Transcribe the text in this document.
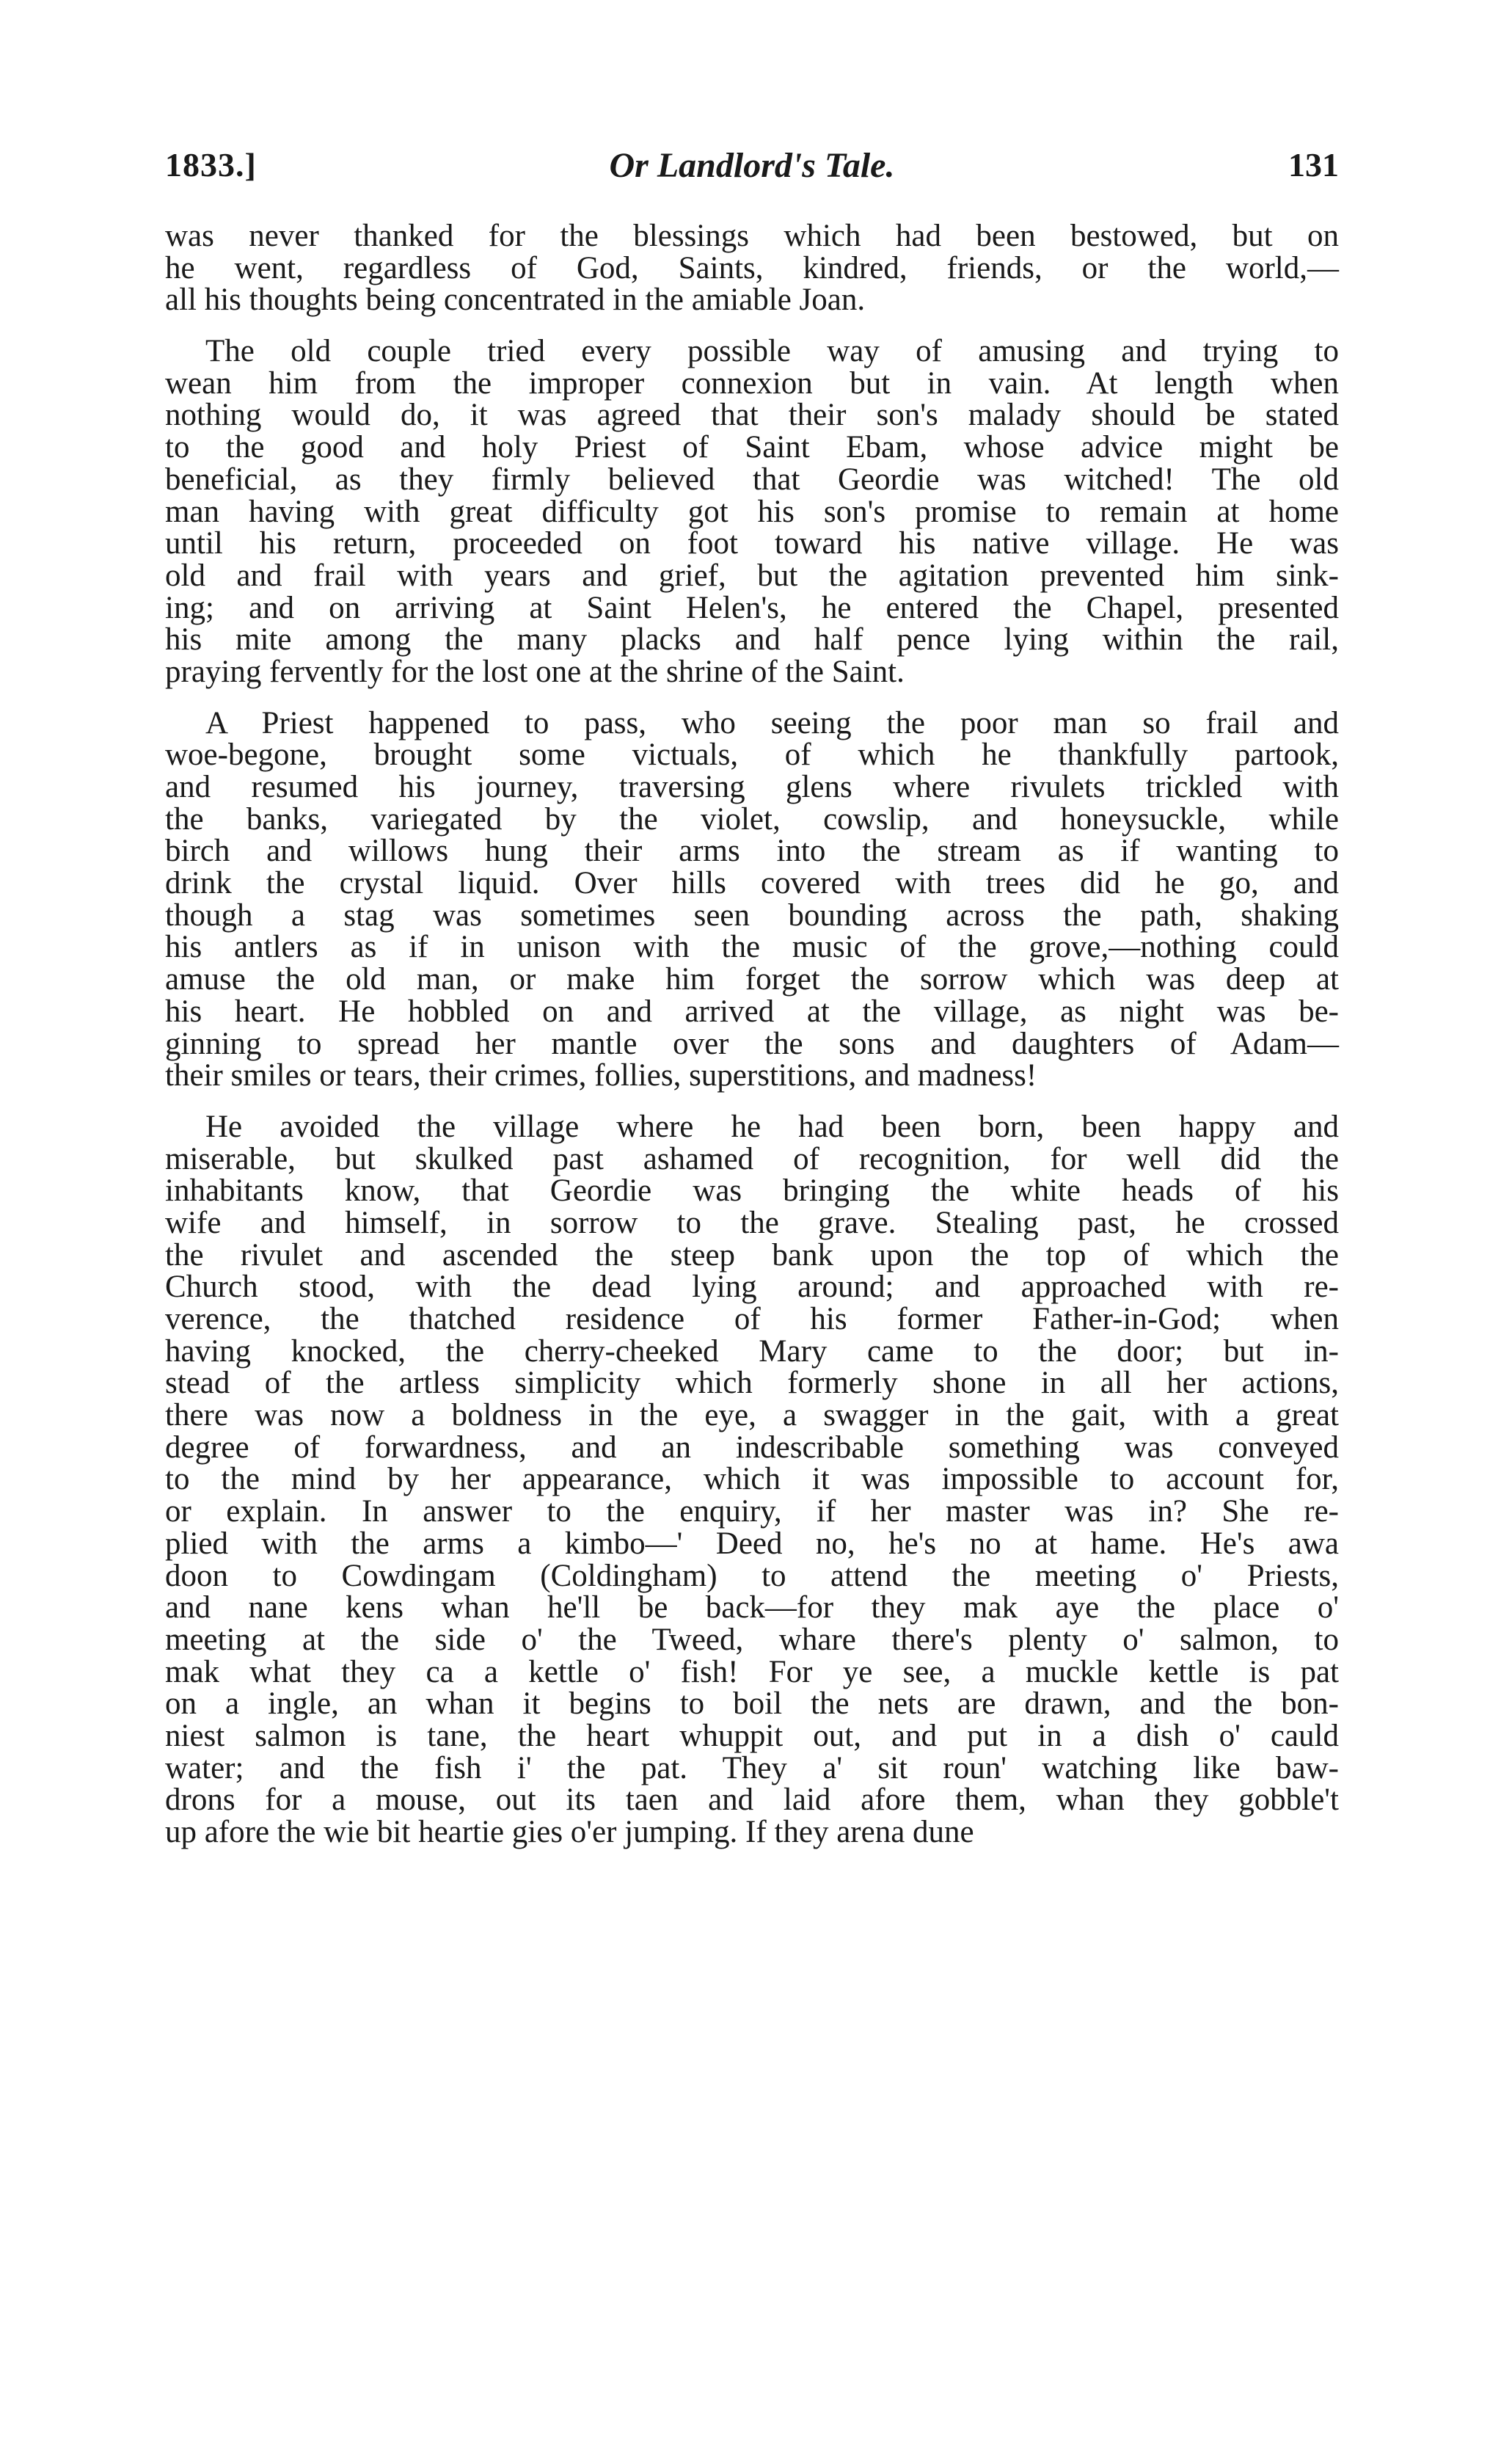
1833.]	Or Landlord's Tale.	131
was never thanked for the blessings which had been bestowed, but on
he went, regardless of God, Saints, kindred, friends, or the world,—
all his thoughts being concentrated in the amiable Joan.
The old couple tried every possible way of amusing and trying to
wean him from the improper connexion but in vain. At length when
nothing would do, it was agreed that their son's malady should be stated
to the good and holy Priest of Saint Ebam, whose advice might be
beneficial, as they firmly believed that Geordie was witched! The old
man having with great difficulty got his son's promise to remain at home
until his return, proceeded on foot toward his native village. He was
old and frail with years and grief, but the agitation prevented him sink-
ing; and on arriving at Saint Helen's, he entered the Chapel, presented
his mite among the many placks and half pence lying within the rail,
praying fervently for the lost one at the shrine of the Saint.
A Priest happened to pass, who seeing the poor man so frail and
woe-begone, brought some victuals, of which he thankfully partook,
and resumed his journey, traversing glens where rivulets trickled with
the banks, variegated by the violet, cowslip, and honeysuckle, while
birch and willows hung their arms into the stream as if wanting to
drink the crystal liquid. Over hills covered with trees did he go, and
though a stag was sometimes seen bounding across the path, shaking
his antlers as if in unison with the music of the grove,—nothing could
amuse the old man, or make him forget the sorrow which was deep at
his heart. He hobbled on and arrived at the village, as night was be-
ginning to spread her mantle over the sons and daughters of Adam—
their smiles or tears, their crimes, follies, superstitions, and madness!
He avoided the village where he had been born, been happy and
miserable, but skulked past ashamed of recognition, for well did the
inhabitants know, that Geordie was bringing the white heads of his
wife and himself, in sorrow to the grave. Stealing past, he crossed
the rivulet and ascended the steep bank upon the top of which the
Church stood, with the dead lying around; and approached with re-
verence, the thatched residence of his former Father-in-God; when
having knocked, the cherry-cheeked Mary came to the door; but in-
stead of the artless simplicity which formerly shone in all her actions,
there was now a boldness in the eye, a swagger in the gait, with a great
degree of forwardness, and an indescribable something was conveyed
to the mind by her appearance, which it was impossible to account for,
or explain. In answer to the enquiry, if her master was in? She re-
plied with the arms a kimbo—' Deed no, he's no at hame. He's awa
doon to Cowdingam (Coldingham) to attend the meeting o' Priests,
and nane kens whan he'll be back—for they mak aye the place o'
meeting at the side o' the Tweed, whare there's plenty o' salmon, to
mak what they ca a kettle o' fish! For ye see, a muckle kettle is pat
on a ingle, an whan it begins to boil the nets are drawn, and the bon-
niest salmon is tane, the heart whuppit out, and put in a dish o' cauld
water; and the fish i' the pat. They a' sit roun' watching like baw-
drons for a mouse, out its taen and laid afore them, whan they gobble't
up afore the wie bit heartie gies o'er jumping. If they arena dune
